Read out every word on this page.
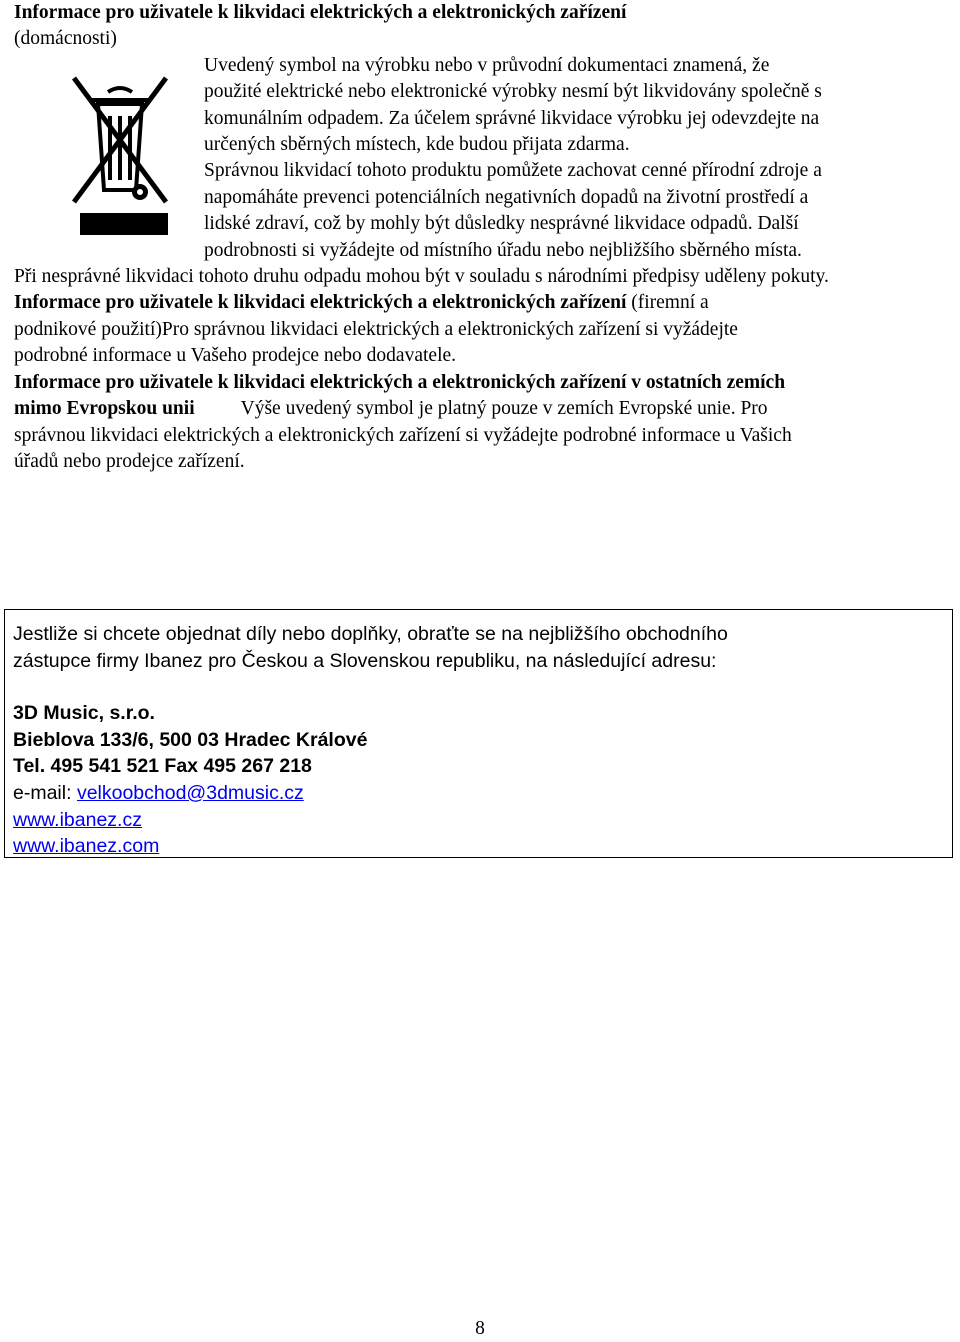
Informace pro uživatele k likvidaci elektrických a elektronických zařízení

(domácnosti)

Uvedený symbol na výrobku nebo v průvodní dokumentaci znamená, že

použité elektrické nebo elektronické výrobky nesmí být likvidovány společně s

komunálním odpadem. Za účelem správné likvidace výrobku jej odevzdejte na

určených sběrných místech, kde budou přijata zdarma.

Správnou likvidací tohoto produktu pomůžete zachovat cenné přírodní zdroje a

napomáháte prevenci potenciálních negativních dopadů na životní prostředí a

lidské zdraví, což by mohly být důsledky nesprávné likvidace odpadů. Další

podrobnosti si vyžádejte od místního úřadu nebo nejbližšího sběrného místa.

Při nesprávné likvidaci tohoto druhu odpadu mohou být v souladu s národními předpisy uděleny pokuty.

Informace pro uživatele k likvidaci elektrických a elektronických zařízení (firemní a

podnikové použití)Pro správnou likvidaci elektrických a elektronických zařízení si vyžádejte

podrobné informace u Vašeho prodejce nebo dodavatele.

Informace pro uživatele k likvidaci elektrických a elektronických zařízení v ostatních zemích

mimo Evropskou unii Výše uvedený symbol je platný pouze v zemích Evropské unie. Pro

správnou likvidaci elektrických a elektronických zařízení si vyžádejte podrobné informace u Vašich

úřadů nebo prodejce zařízení.

Jestliže si chcete objednat díly nebo doplňky, obraťte se na nejbližšího obchodního

zástupce firmy Ibanez pro Českou a Slovenskou republiku, na následující adresu:

3D Music, s.r.o.

Bieblova 133/6, 500 03 Hradec Králové

Tel. 495 541 521 Fax 495 267 218

e-mail: velkoobchod@3dmusic.cz

www.ibanez.cz

www.ibanez.com

8
